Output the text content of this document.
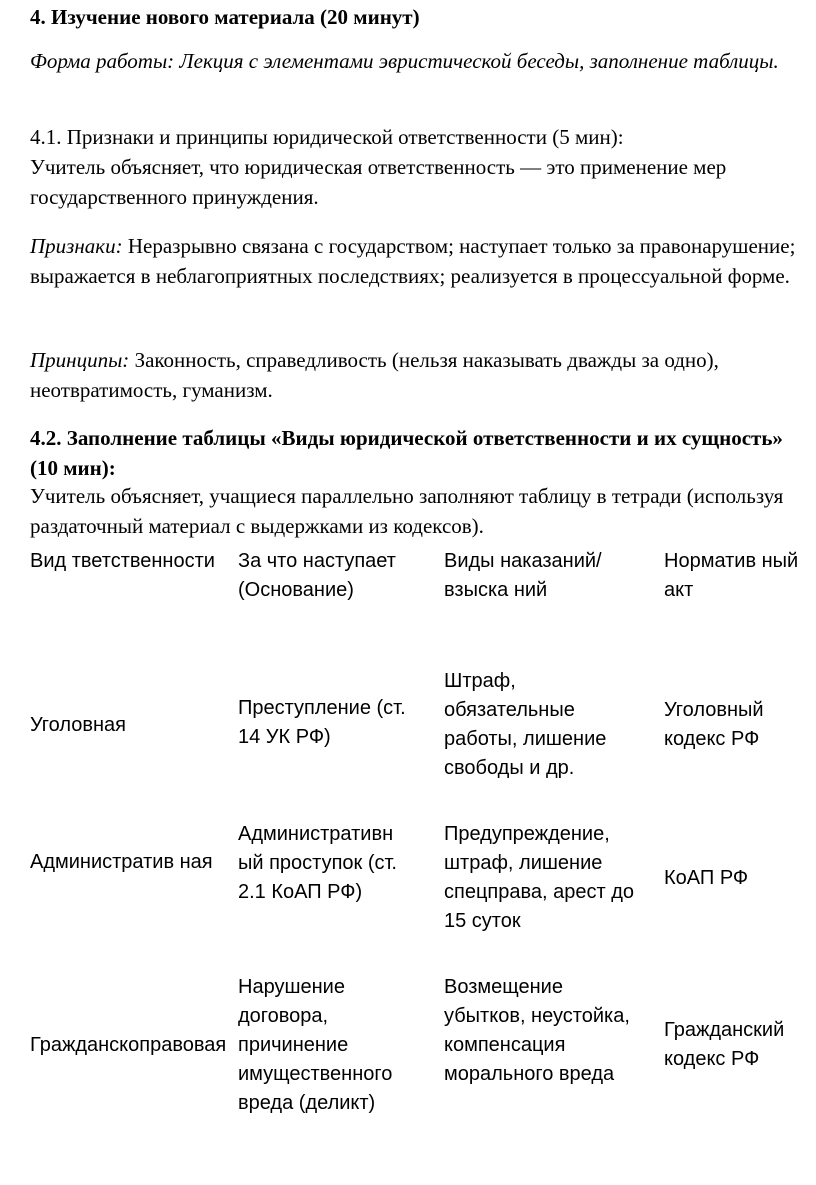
4. Изучение нового материала (20 минут)

Форма работы: Лекция с элементами эвристической беседы, заполнение таблицы.

4.1. Признаки и принципы юридической ответственности (5 мин):

Учитель объясняет, что юридическая ответственность — это применение мер государственного принуждения.

Признаки: Неразрывно связана с государством; наступает только за правонарушение; выражается в неблагоприятных последствиях; реализуется в процессуальной форме.

Принципы: Законность, справедливость (нельзя наказывать дважды за одно), неотвратимость, гуманизм.

4.2. Заполнение таблицы «Виды юридической ответственности и их сущность» (10 мин):

Учитель объясняет, учащиеся параллельно заполняют таблицу в тетради (используя раздаточный материал с выдержками из кодексов).

Вид тветственности	За что наступает (Основание)
Виды наказаний/взыска ний
Норматив ный акт
Уголовная
Преступление (ст. 14 УК РФ)
Штраф, обязательные работы, лишение свободы и др.
Уголовный кодекс РФ
Административ ная
Административн ый проступок (ст. 2.1 КоАП РФ)
Предупреждение, штраф, лишение спецправа, арест до 15 суток
КоАП РФ
Гражданскоправовая
Нарушение договора, причинение имущественного вреда (деликт)
Возмещение убытков, неустойка, компенсация морального вреда
Гражданский кодекс РФ
